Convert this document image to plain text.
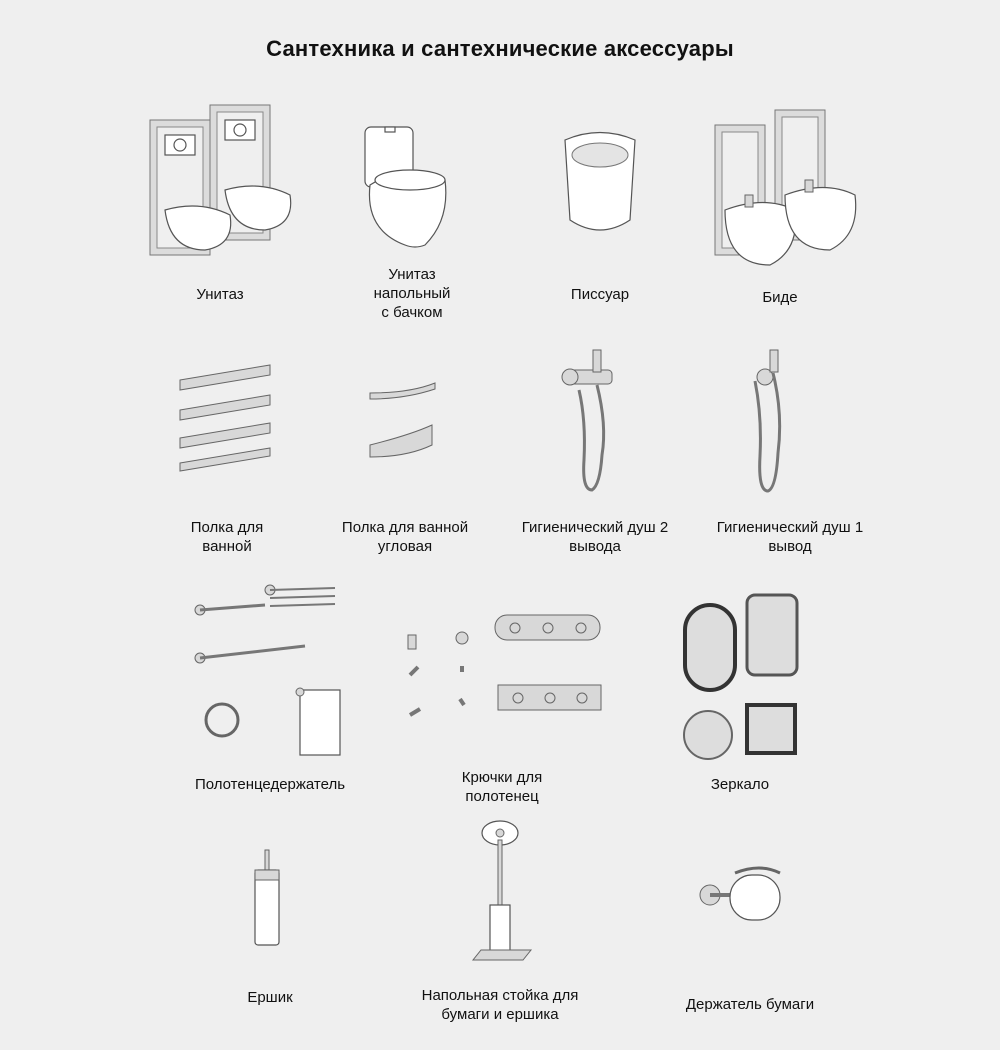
Сантехника и сантехнические аксессуары
Унитаз
Унитаз
напольный
с бачком
Писсуар	Биде
Полка для
ванной
Полка для ванной
угловая
Гигиенический душ 2
вывода
Гигиенический душ 1
вывод
Полотенцедержатель	Крючки для
полотенец
Зеркало
Ершик	Напольная стойка для
бумаги и ершика
Держатель бумаги
